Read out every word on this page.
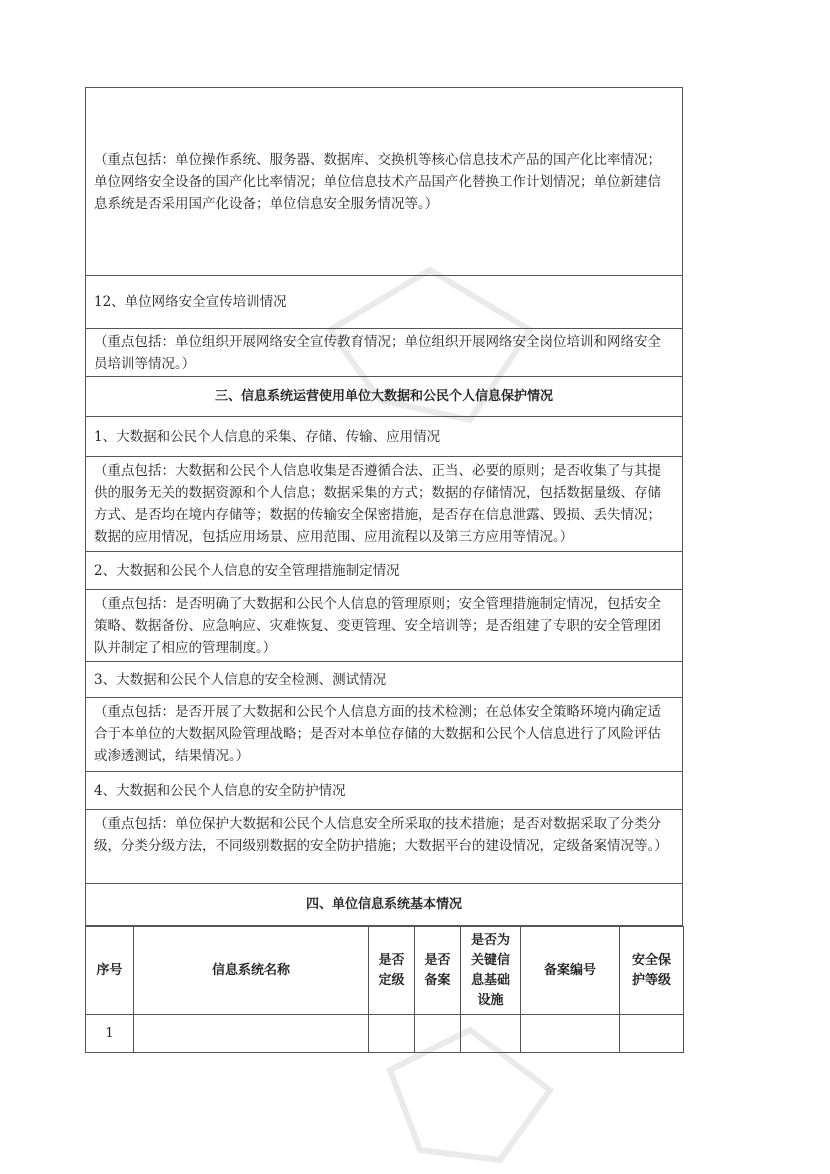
（重点包括：单位操作系统、服务器、数据库、交换机等核心信息技术产品的国产化比率情况；单位网络安全设备的国产化比率情况；单位信息技术产品国产化替换工作计划情况；单位新建信息系统是否采用国产化设备；单位信息安全服务情况等。）
12、单位网络安全宣传培训情况
（重点包括：单位组织开展网络安全宣传教育情况；单位组织开展网络安全岗位培训和网络安全员培训等情况。）
三、信息系统运营使用单位大数据和公民个人信息保护情况
1、大数据和公民个人信息的采集、存储、传输、应用情况
（重点包括：大数据和公民个人信息收集是否遵循合法、正当、必要的原则；是否收集了与其提供的服务无关的数据资源和个人信息；数据采集的方式；数据的存储情况，包括数据量级、存储方式、是否均在境内存储等；数据的传输安全保密措施，是否存在信息泄露、毁损、丢失情况；数据的应用情况，包括应用场景、应用范围、应用流程以及第三方应用等情况。）
2、大数据和公民个人信息的安全管理措施制定情况
（重点包括：是否明确了大数据和公民个人信息的管理原则；安全管理措施制定情况，包括安全策略、数据备份、应急响应、灾难恢复、变更管理、安全培训等；是否组建了专职的安全管理团队并制定了相应的管理制度。）
3、大数据和公民个人信息的安全检测、测试情况
（重点包括：是否开展了大数据和公民个人信息方面的技术检测；在总体安全策略环境内确定适合于本单位的大数据风险管理战略；是否对本单位存储的大数据和公民个人信息进行了风险评估或渗透测试，结果情况。）
4、大数据和公民个人信息的安全防护情况
（重点包括：单位保护大数据和公民个人信息安全所采取的技术措施；是否对数据采取了分类分级，分类分级方法，不同级别数据的安全防护措施；大数据平台的建设情况，定级备案情况等。）
四、单位信息系统基本情况
序号	信息系统名称	是否定级	是否备案	是否为关键信息基础设施	备案编号	安全保护等级

1						
